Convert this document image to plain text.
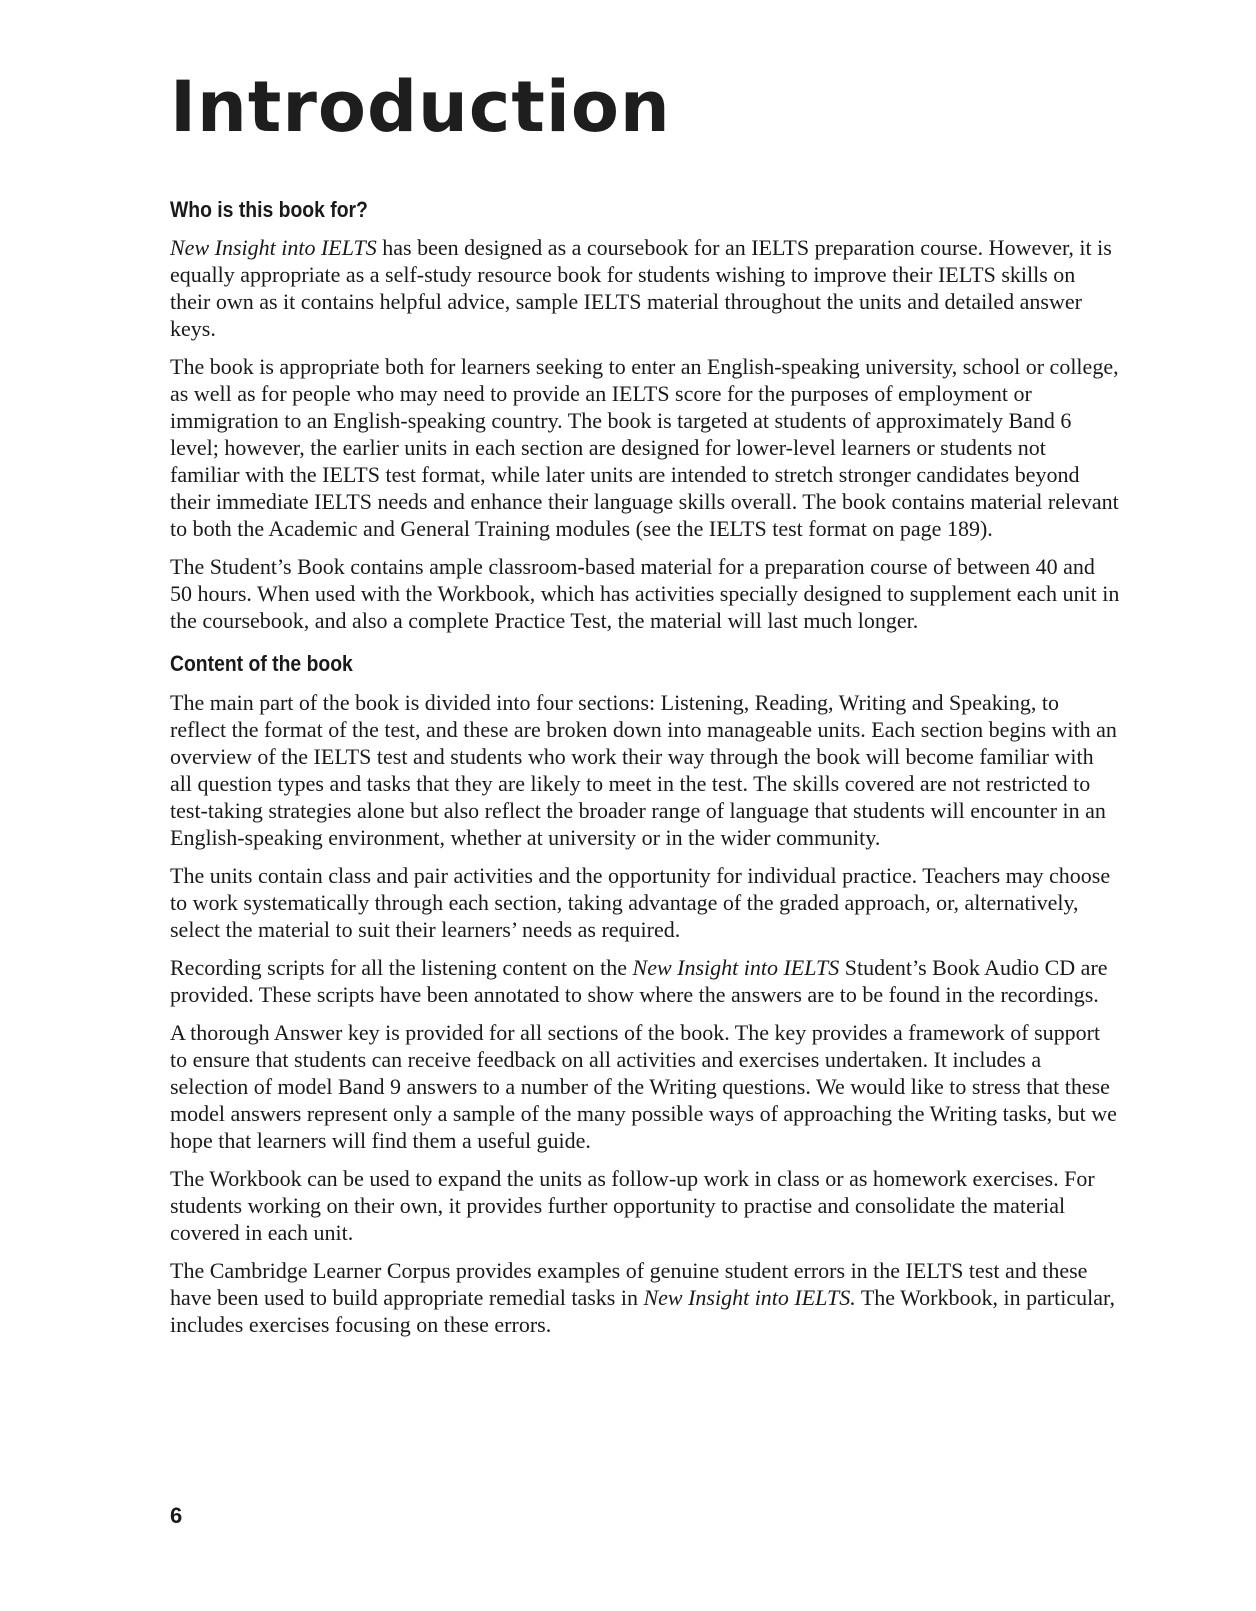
Introduction
Who is this book for?

New Insight into IELTS has been designed as a coursebook for an IELTS preparation course. However, it is equally appropriate as a self-study resource book for students wishing to improve their IELTS skills on their own as it contains helpful advice, sample IELTS material throughout the units and detailed answer keys.

The book is appropriate both for learners seeking to enter an English-speaking university, school or college, as well as for people who may need to provide an IELTS score for the purposes of employment or immigration to an English-speaking country. The book is targeted at students of approximately Band 6 level; however, the earlier units in each section are designed for lower-level learners or students not familiar with the IELTS test format, while later units are intended to stretch stronger candidates beyond their immediate IELTS needs and enhance their language skills overall. The book contains material relevant to both the Academic and General Training modules (see the IELTS test format on page 189).

The Student’s Book contains ample classroom-based material for a preparation course of between 40 and 50 hours. When used with the Workbook, which has activities specially designed to supplement each unit in the coursebook, and also a complete Practice Test, the material will last much longer.

Content of the book

The main part of the book is divided into four sections: Listening, Reading, Writing and Speaking, to reflect the format of the test, and these are broken down into manageable units. Each section begins with an overview of the IELTS test and students who work their way through the book will become familiar with all question types and tasks that they are likely to meet in the test. The skills covered are not restricted to test-taking strategies alone but also reflect the broader range of language that students will encounter in an English-speaking environment, whether at university or in the wider community.

The units contain class and pair activities and the opportunity for individual practice. Teachers may choose to work systematically through each section, taking advantage of the graded approach, or, alternatively, select the material to suit their learners’ needs as required.

Recording scripts for all the listening content on the New Insight into IELTS Student’s Book Audio CD are provided. These scripts have been annotated to show where the answers are to be found in the recordings.

A thorough Answer key is provided for all sections of the book. The key provides a framework of support to ensure that students can receive feedback on all activities and exercises undertaken. It includes a selection of model Band 9 answers to a number of the Writing questions. We would like to stress that these model answers represent only a sample of the many possible ways of approaching the Writing tasks, but we hope that learners will find them a useful guide.

The Workbook can be used to expand the units as follow-up work in class or as homework exercises. For students working on their own, it provides further opportunity to practise and consolidate the material covered in each unit.

The Cambridge Learner Corpus provides examples of genuine student errors in the IELTS test and these have been used to build appropriate remedial tasks in New Insight into IELTS. The Workbook, in particular, includes exercises focusing on these errors.

6
